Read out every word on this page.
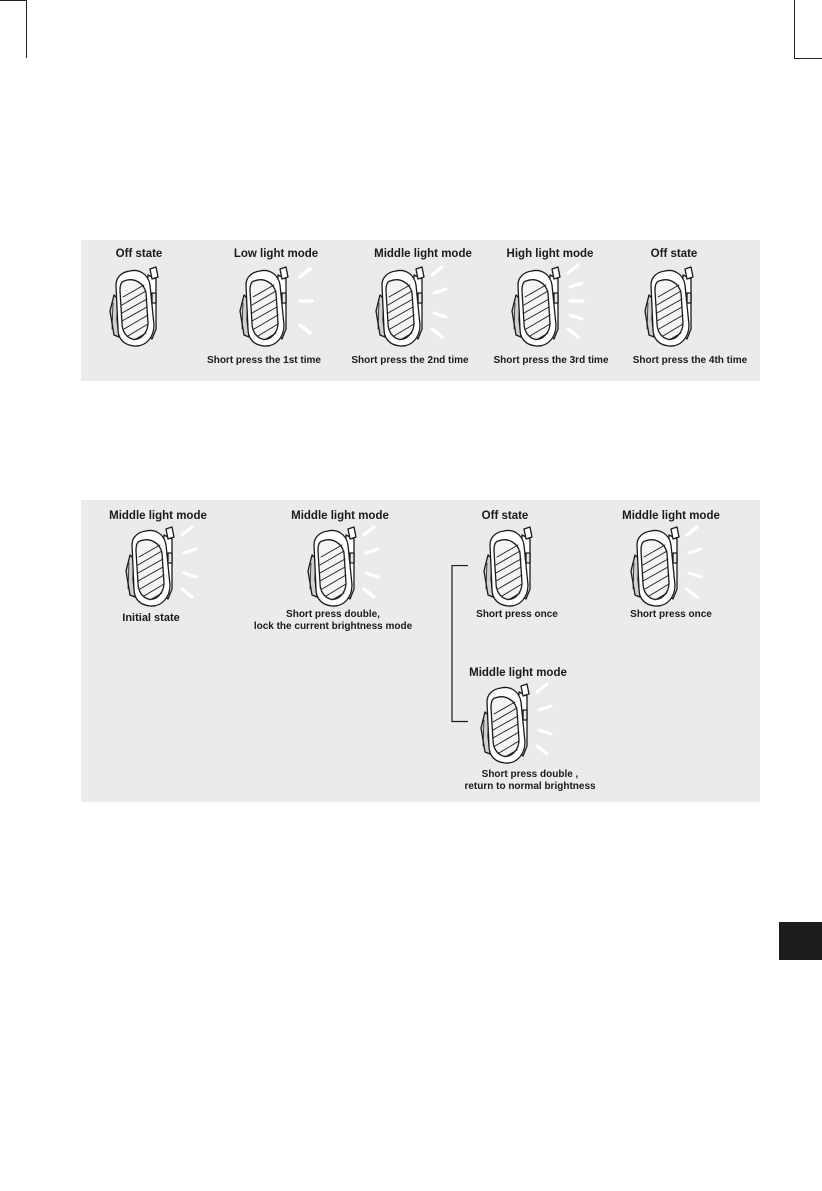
Off state	Low light mode	Middle light mode	High light mode	Off state
Short press the 1st time	Short press the 2nd time Short press the 3rd time Short press the 4th time
Middle light mode	Middle light mode	Off state	Middle light mode
Initial state	Short press double,
lock the current brightness mode
Short press once	Short press once
Middle light mode
Short press double ,
return to normal brightness
